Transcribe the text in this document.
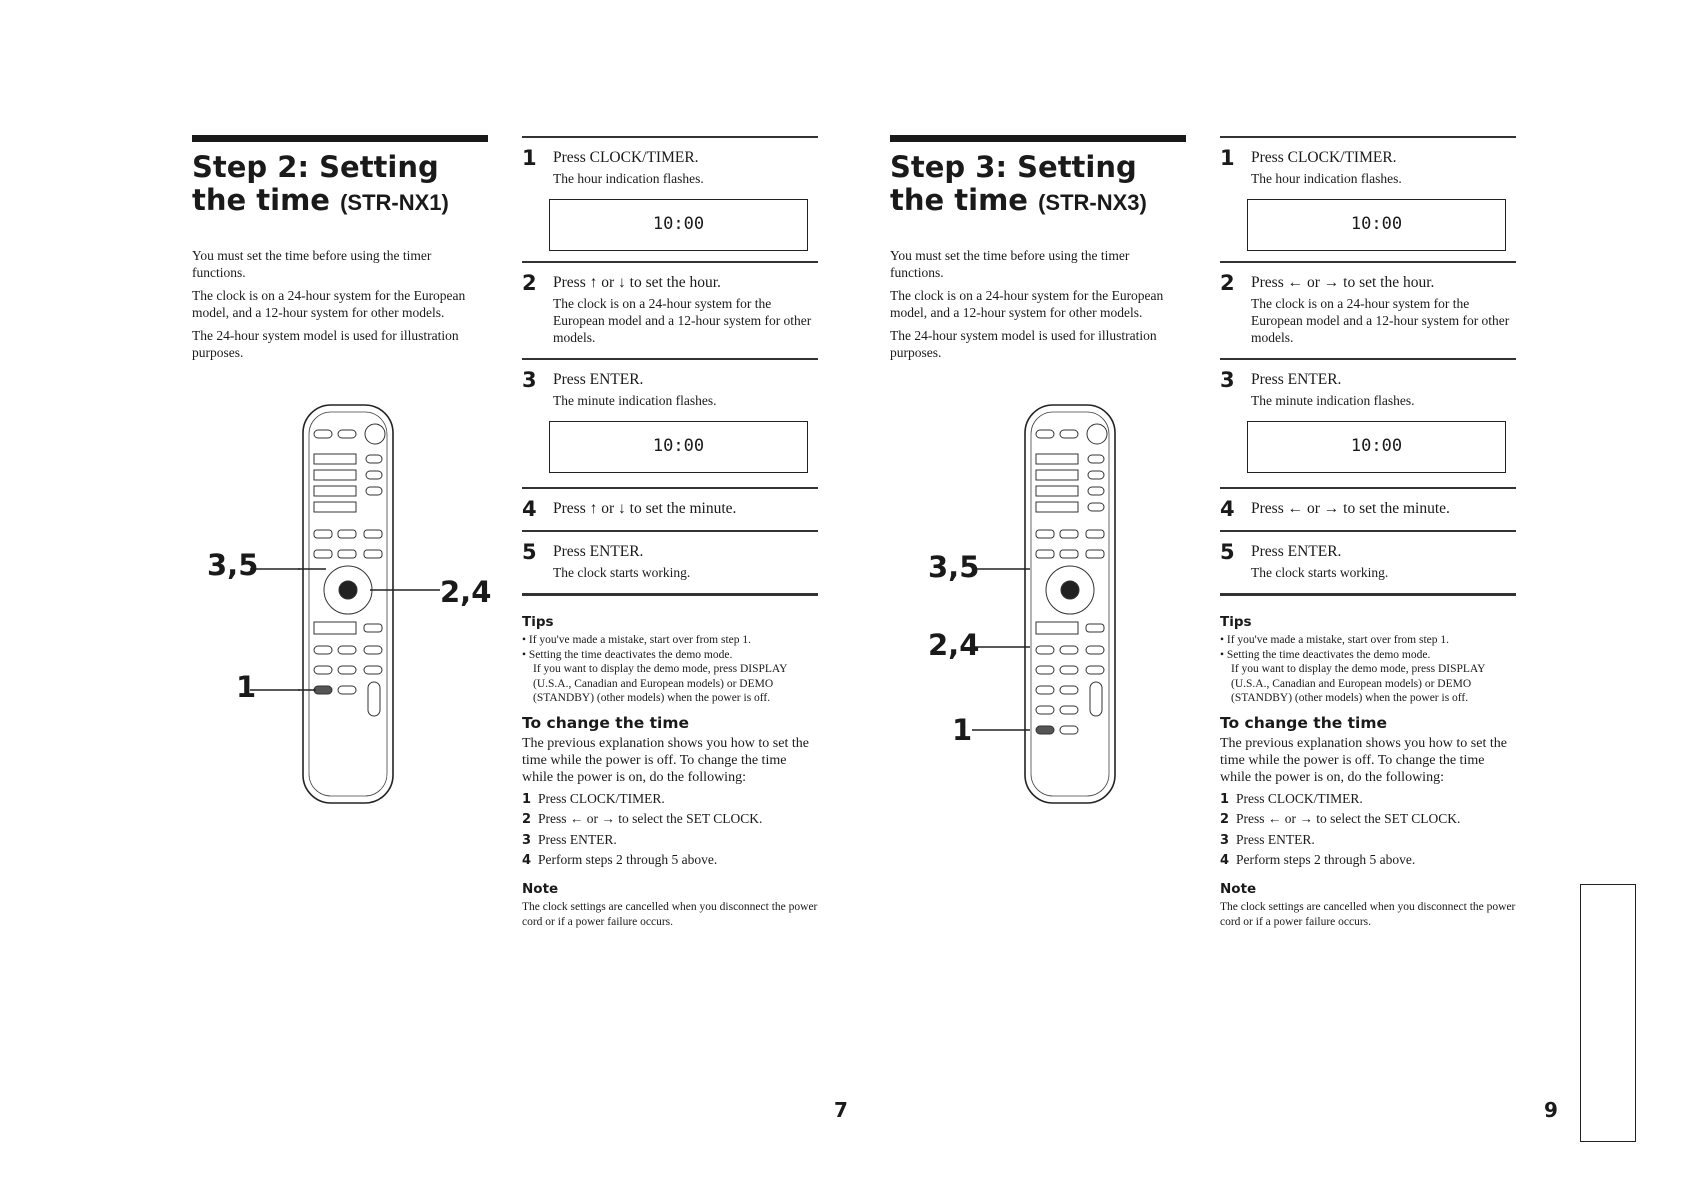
Step 2: Setting the time (STR-NX1)

You must set the time before using the timer functions.

The clock is on a 24-hour system for the European model, and a 12-hour system for other models.

The 24-hour system model is used for illustration purposes.

3,5
2,4
1
1 Press CLOCK/TIMER.
The hour indication flashes.
10:00
2 Press ↑ or ↓ to set the hour.
The clock is on a 24-hour system for the European model and a 12-hour system for other models.
3 Press ENTER.
The minute indication flashes.
10:00
4 Press ↑ or ↓ to set the minute.
5 Press ENTER.
The clock starts working.

Tips

• If you've made a mistake, start over from step 1.

• Setting the time deactivates the demo mode.

If you want to display the demo mode, press DISPLAY (U.S.A., Canadian and European models) or DEMO (STANDBY) (other models) when the power is off.

To change the time

The previous explanation shows you how to set the time while the power is off. To change the time while the power is on, do the following:

1 Press CLOCK/TIMER.

2 Press ← or → to select the SET CLOCK.

3 Press ENTER.

4 Perform steps 2 through 5 above.

Note

The clock settings are cancelled when you disconnect the power cord or if a power failure occurs.

7
Step 3: Setting the time (STR-NX3)

You must set the time before using the timer functions.

The clock is on a 24-hour system for the European model, and a 12-hour system for other models.

The 24-hour system model is used for illustration purposes.

3,5
2,4
1
1 Press CLOCK/TIMER.
The hour indication flashes.
10:00
2 Press ← or → to set the hour.
The clock is on a 24-hour system for the European model and a 12-hour system for other models.
3 Press ENTER.
The minute indication flashes.
10:00
4 Press ← or → to set the minute.
5 Press ENTER.
The clock starts working.

Tips

• If you've made a mistake, start over from step 1.

• Setting the time deactivates the demo mode.

If you want to display the demo mode, press DISPLAY (U.S.A., Canadian and European models) or DEMO (STANDBY) (other models) when the power is off.

To change the time

The previous explanation shows you how to set the time while the power is off. To change the time while the power is on, do the following:

1 Press CLOCK/TIMER.

2 Press ← or → to select the SET CLOCK.

3 Press ENTER.

4 Perform steps 2 through 5 above.

Note

The clock settings are cancelled when you disconnect the power cord or if a power failure occurs.

9
